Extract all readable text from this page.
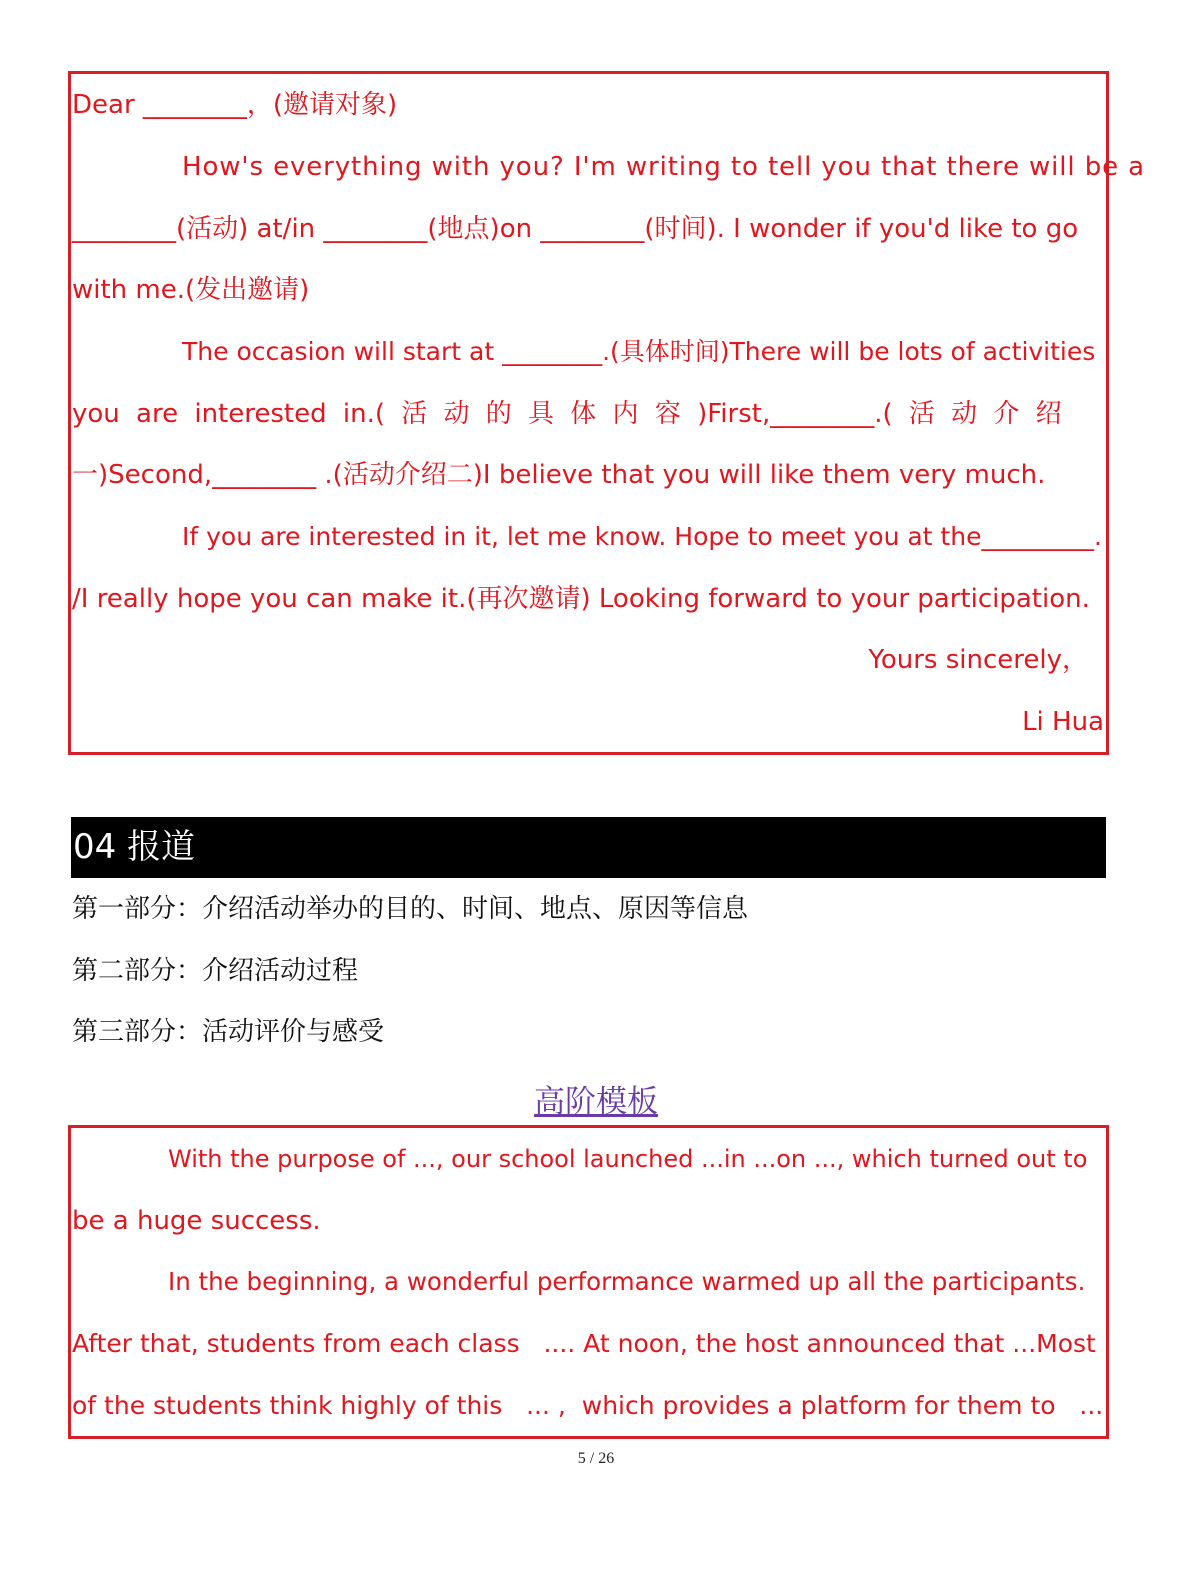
Dear ________，(邀请对象)
How's everything with you? I'm writing to tell you that there will be a
________(活动) at/in ________(地点)on ________(时间). I wonder if you'd like to go
with me.(发出邀请)
The occasion will start at ________.(具体时间)There will be lots of activities
you are interested in.( 活 动 的 具 体 内 容 )First,________.( 活 动 介 绍
一)Second,________ .(活动介绍二)I believe that you will like them very much.
If you are interested in it, let me know. Hope to meet you at the_________.
/I really hope you can make it.(再次邀请) Looking forward to your participation.
Yours sincerely，
Li Hua
04 报道
第一部分：介绍活动举办的目的、时间、地点、原因等信息
第二部分：介绍活动过程
第三部分：活动评价与感受
高阶模板
With the purpose of ..., our school launched ...in ...on ..., which turned out to
be a huge success.
In the beginning, a wonderful performance warmed up all the participants.
After that, students from each class   .... At noon, the host announced that ...Most
of the students think highly of this   ... ,  which provides a platform for them to   ...
5 / 26
